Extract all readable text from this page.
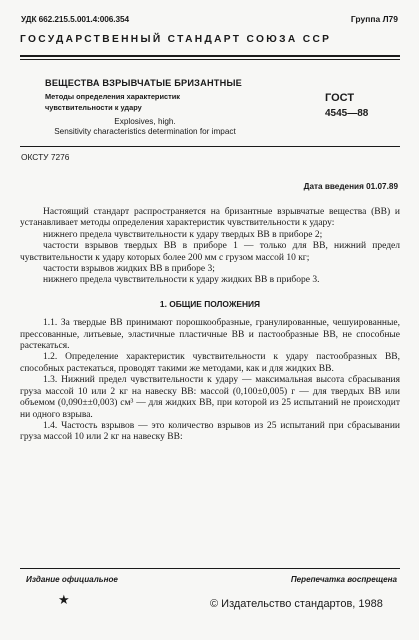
УДК 662.215.5.001.4:006.354	Группа Л79
ГОСУДАРСТВЕННЫЙ СТАНДАРТ СОЮЗА ССР
ВЕЩЕСТВА ВЗРЫВЧАТЫЕ БРИЗАНТНЫЕ
Методы определения характеристик
чувствительности к удару
Explosives, high.
Sensitivity characteristics determination for impact
ГОСТ
4545—88
ОКСТУ 7276
Дата введения 01.07.89

Настоящий стандарт распространяется на бризантные взрывчатые вещества (ВВ) и устанавливает методы определения характеристик чувствительности к удару:

нижнего предела чувствительности к удару твердых ВВ в приборе 2;

частости взрывов твердых ВВ в приборе 1 — только для ВВ, нижний предел чувствительности к удару которых более 200 мм с грузом массой 10 кг;

частости взрывов жидких ВВ в приборе 3;

нижнего предела чувствительности к удару жидких ВВ в приборе 3.

1. ОБЩИЕ ПОЛОЖЕНИЯ

1.1. За твердые ВВ принимают порошкообразные, гранулированные, чешуированные, прессованные, литьевые, эластичные пластичные ВВ и пастообразные ВВ, не способные растекаться.

1.2. Определение характеристик чувствительности к удару пастообразных ВВ, способных растекаться, проводят такими же методами, как и для жидких ВВ.

1.3. Нижний предел чувствительности к удару — максимальная высота сбрасывания груза массой 10 или 2 кг на навеску ВВ: массой (0,100±0,005) г — для твердых ВВ или объемом (0,090±±0,003) см³ — для жидких ВВ, при которой из 25 испытаний не происходит ни одного взрыва.

1.4. Частость взрывов — это количество взрывов из 25 испытаний при сбрасывании груза массой 10 или 2 кг на навеску ВВ:

Издание официальное	Перепечатка воспрещена
★	© Издательство стандартов, 1988
